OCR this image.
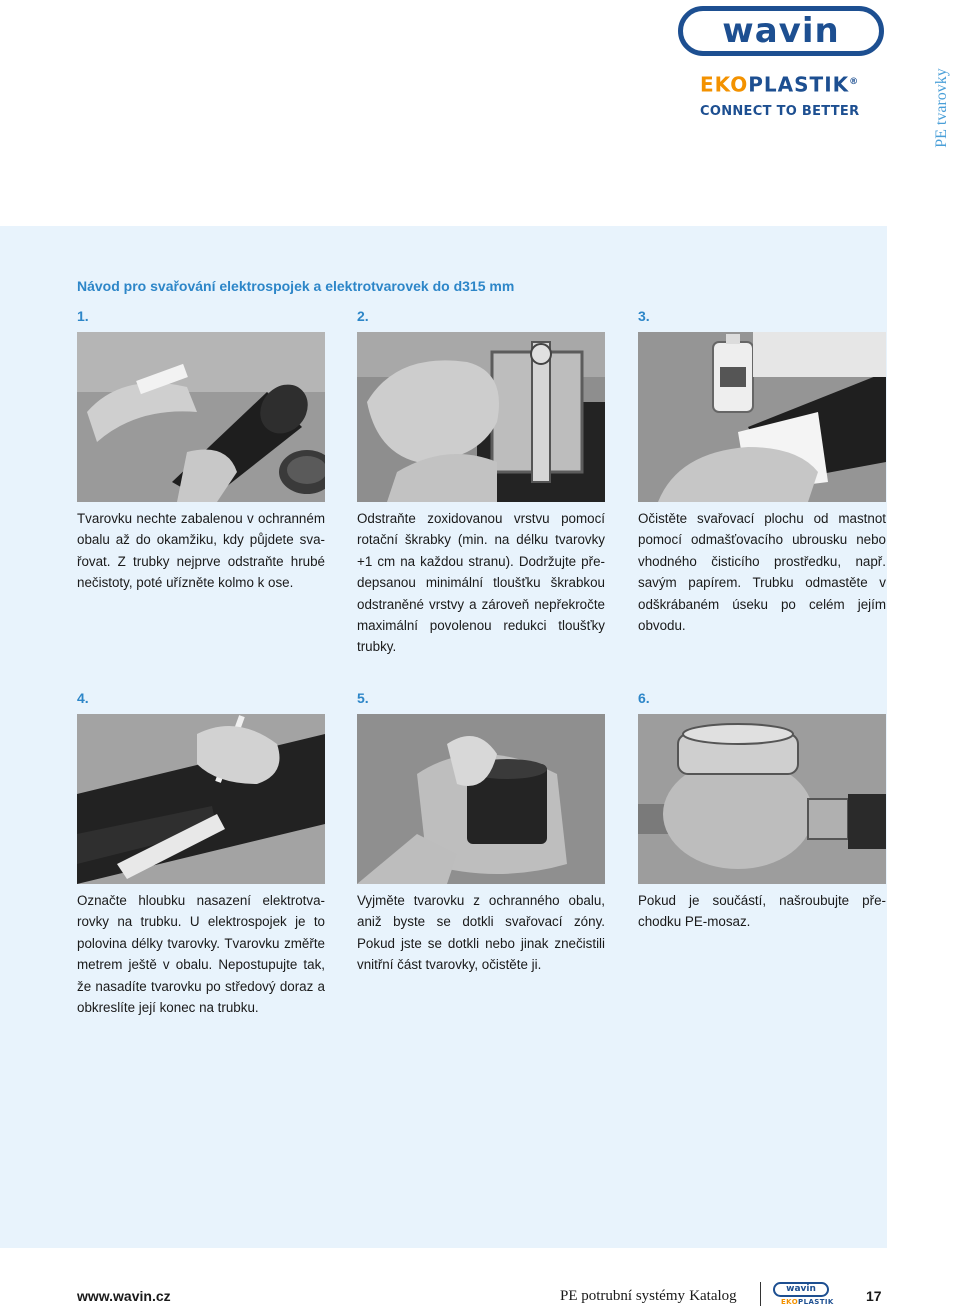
wavin
EKOPLASTIK®
CONNECT TO BETTER	PE tvarovky
Návod pro svařování elektrospojek a elektrotvarovek do d315 mm
1.	2.	3.
Tvarovku nechte zabalenou v ochranném obalu až do okamžiku, kdy půjdete svařovat. Z trubky nejprve odstraňte hrubé nečistoty, poté uřízněte kolmo k ose.
Odstraňte zoxidovanou vrstvu pomocí rotační škrabky (min. na délku tvarovky +1 cm na každou stranu). Dodržujte předepsanou minimální tloušťku škrabkou odstraněné vrstvy a zároveň nepřekročte maximální povolenou redukci tloušťky trubky.
Očistěte svařovací plochu od mastnot pomocí odmašťovacího ubrousku nebo vhodného čisticího prostředku, např. savým papírem. Trubku odmastěte v odškrábaném úseku po celém jejím obvodu.
4.	5.	6.
Označte hloubku nasazení elektrotvarovky na trubku. U elektrospojek je to polovina délky tvarovky. Tvarovku změřte metrem ještě v obalu. Nepostupujte tak, že nasadíte tvarovku po středový doraz a obkreslíte její konec na trubku.
Vyjměte tvarovku z ochranného obalu, aniž byste se dotkli svařovací zóny. Pokud jste se dotkli nebo jinak znečistili vnitřní část tvarovky, očistěte ji.
Pokud je součástí, našroubujte přechodku PE-mosaz.
www.wavin.cz	PE potrubní systémy Katalog	wavin
EKOPLASTIK 17
